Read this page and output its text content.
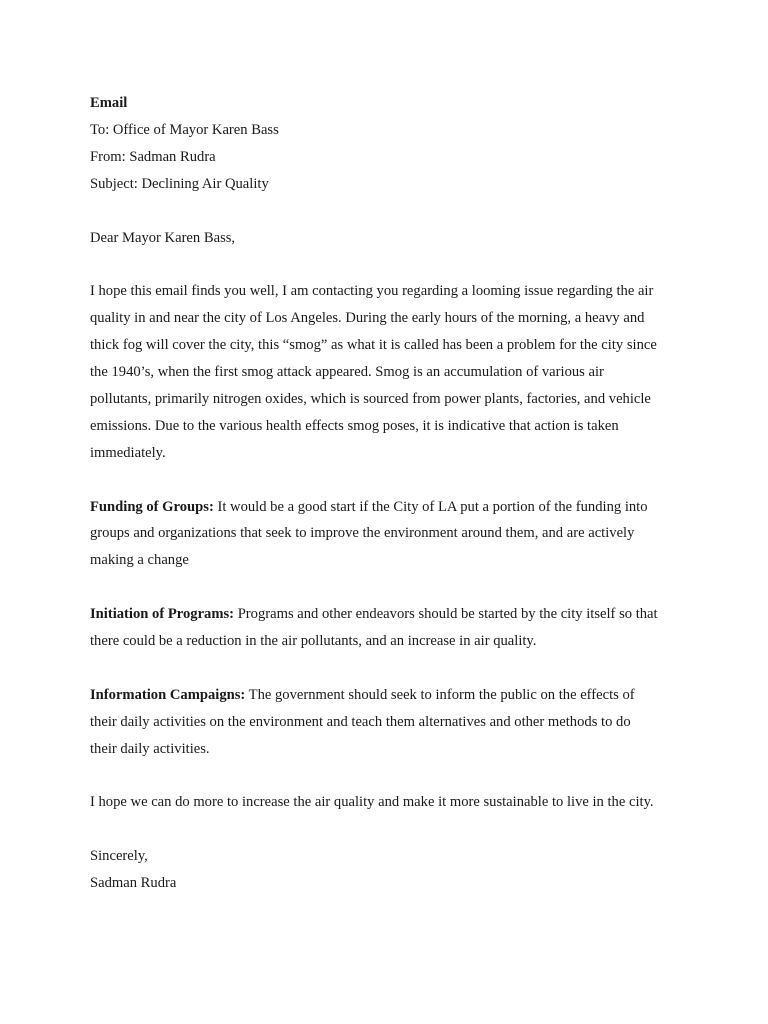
Email
To: Office of Mayor Karen Bass
From: Sadman Rudra
Subject: Declining Air Quality
Dear Mayor Karen Bass,

I hope this email finds you well, I am contacting you regarding a looming issue regarding the air
quality in and near the city of Los Angeles. During the early hours of the morning, a heavy and
thick fog will cover the city, this “smog” as what it is called has been a problem for the city since
the 1940’s, when the first smog attack appeared. Smog is an accumulation of various air
pollutants, primarily nitrogen oxides, which is sourced from power plants, factories, and vehicle
emissions. Due to the various health effects smog poses, it is indicative that action is taken
immediately.

Funding of Groups: It would be a good start if the City of LA put a portion of the funding into
groups and organizations that seek to improve the environment around them, and are actively
making a change

Initiation of Programs: Programs and other endeavors should be started by the city itself so that
there could be a reduction in the air pollutants, and an increase in air quality.

Information Campaigns: The government should seek to inform the public on the effects of
their daily activities on the environment and teach them alternatives and other methods to do
their daily activities.

I hope we can do more to increase the air quality and make it more sustainable to live in the city.
Sincerely,
Sadman Rudra
